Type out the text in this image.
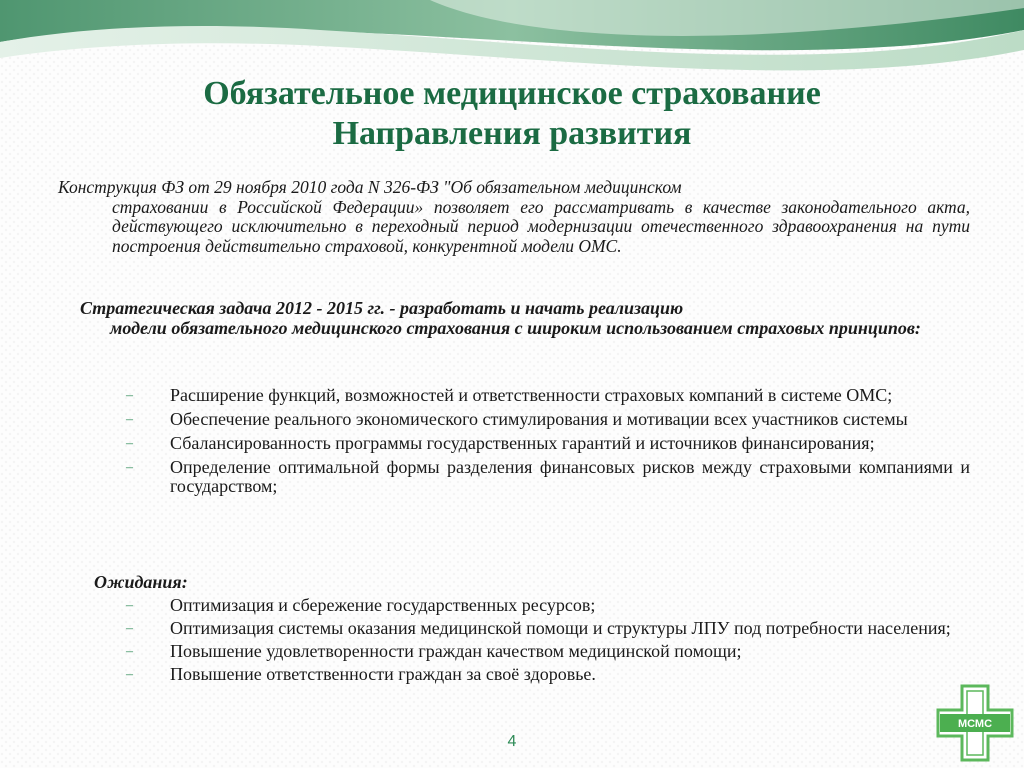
Обязательное медицинское страхование
Направления развития
Конструкция ФЗ от 29 ноября 2010 года N 326-ФЗ "Об обязательном медицинском
страховании в Российской Федерации» позволяет его рассматривать в качестве законодательного акта, действующего исключительно в переходный период модернизации отечественного здравоохранения на пути построения действительно страховой, конкурентной модели ОМС.
Стратегическая задача 2012 - 2015 гг. - разработать и начать реализацию
модели обязательного медицинского страхования с широким использованием страховых принципов:
– Расширение функций, возможностей и ответственности страховых компаний в системе ОМС;
– Обеспечение реального экономического стимулирования и мотивации всех участников системы
– Сбалансированность программы государственных гарантий и источников финансирования;
– Определение оптимальной формы разделения финансовых рисков между страховыми компаниями и государством;
Ожидания:
– Оптимизация и сбережение государственных ресурсов;
– Оптимизация системы оказания медицинской помощи и структуры ЛПУ под потребности населения;
– Повышение удовлетворенности граждан качеством медицинской помощи;
– Повышение ответственности граждан за своё здоровье.
4
МСМС
